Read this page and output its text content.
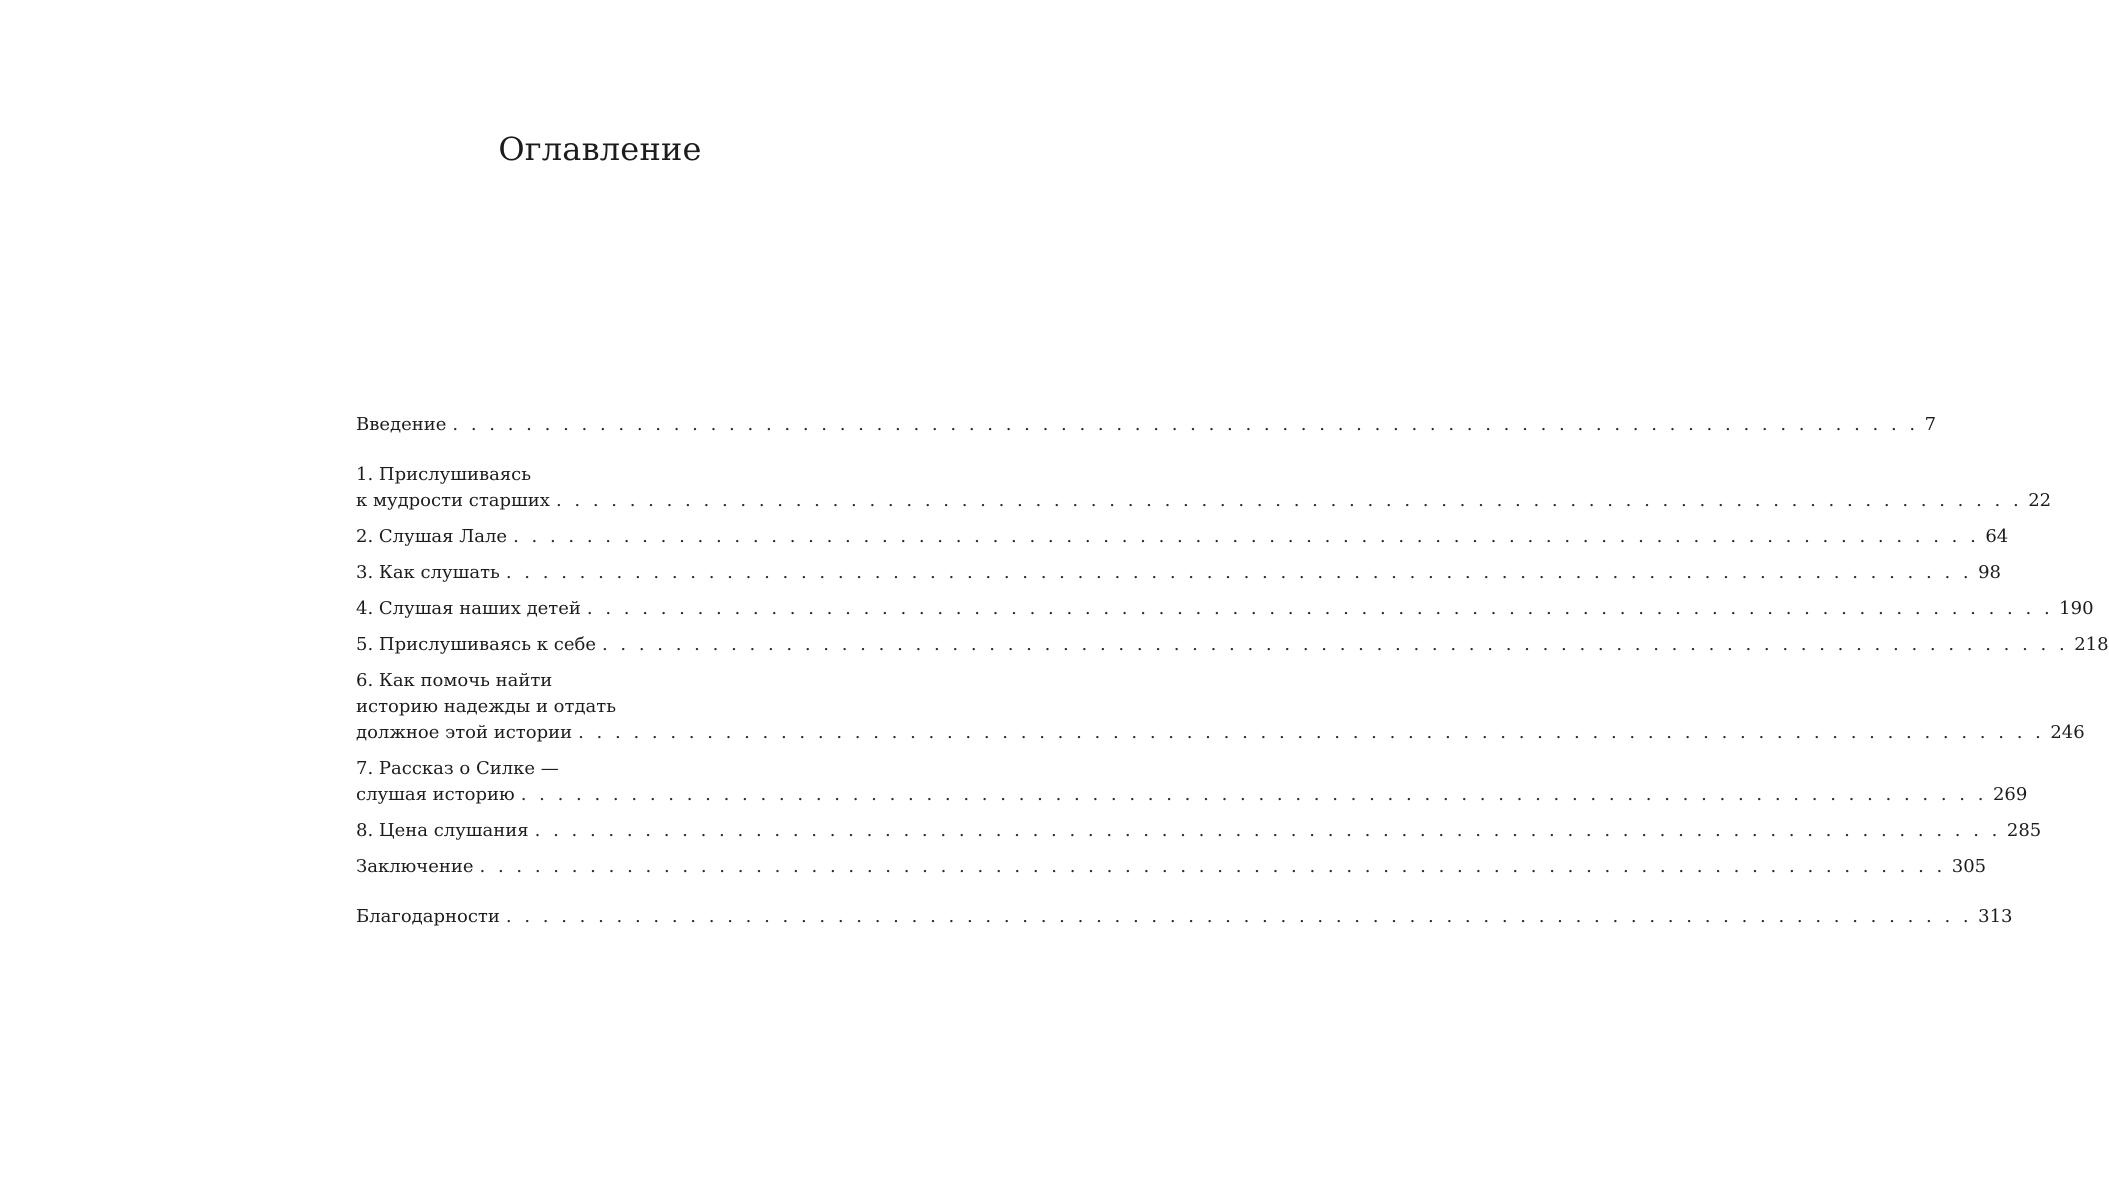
Оглавление
Введение . . . . . . . . . . . . . . . . . . . . . . . . . . . . . . . . . . . . . . . . . . . . . . . . . . . . . . . . . . . . . . . . . . . . . . . . . . . . . . . . 7
1. Прислушиваясь
к мудрости старших . . . . . . . . . . . . . . . . . . . . . . . . . . . . . . . . . . . . . . . . . . . . . . . . . . . . . . . . . . . . . . . . . . . . . . . . . . . . . . . . 22
2. Слушая Лале . . . . . . . . . . . . . . . . . . . . . . . . . . . . . . . . . . . . . . . . . . . . . . . . . . . . . . . . . . . . . . . . . . . . . . . . . . . . . . . . 64
3. Как слушать . . . . . . . . . . . . . . . . . . . . . . . . . . . . . . . . . . . . . . . . . . . . . . . . . . . . . . . . . . . . . . . . . . . . . . . . . . . . . . . . 98
4. Слушая наших детей . . . . . . . . . . . . . . . . . . . . . . . . . . . . . . . . . . . . . . . . . . . . . . . . . . . . . . . . . . . . . . . . . . . . . . . . . . . . . . . . 190
5. Прислушиваясь к себе . . . . . . . . . . . . . . . . . . . . . . . . . . . . . . . . . . . . . . . . . . . . . . . . . . . . . . . . . . . . . . . . . . . . . . . . . . . . . . . . 218
6. Как помочь найти
историю надежды и отдать
должное этой истории . . . . . . . . . . . . . . . . . . . . . . . . . . . . . . . . . . . . . . . . . . . . . . . . . . . . . . . . . . . . . . . . . . . . . . . . . . . . . . . . 246
7. Рассказ о Силке —
слушая историю . . . . . . . . . . . . . . . . . . . . . . . . . . . . . . . . . . . . . . . . . . . . . . . . . . . . . . . . . . . . . . . . . . . . . . . . . . . . . . . . 269
8. Цена слушания . . . . . . . . . . . . . . . . . . . . . . . . . . . . . . . . . . . . . . . . . . . . . . . . . . . . . . . . . . . . . . . . . . . . . . . . . . . . . . . . 285
Заключение . . . . . . . . . . . . . . . . . . . . . . . . . . . . . . . . . . . . . . . . . . . . . . . . . . . . . . . . . . . . . . . . . . . . . . . . . . . . . . . . 305
Благодарности . . . . . . . . . . . . . . . . . . . . . . . . . . . . . . . . . . . . . . . . . . . . . . . . . . . . . . . . . . . . . . . . . . . . . . . . . . . . . . . . 313
